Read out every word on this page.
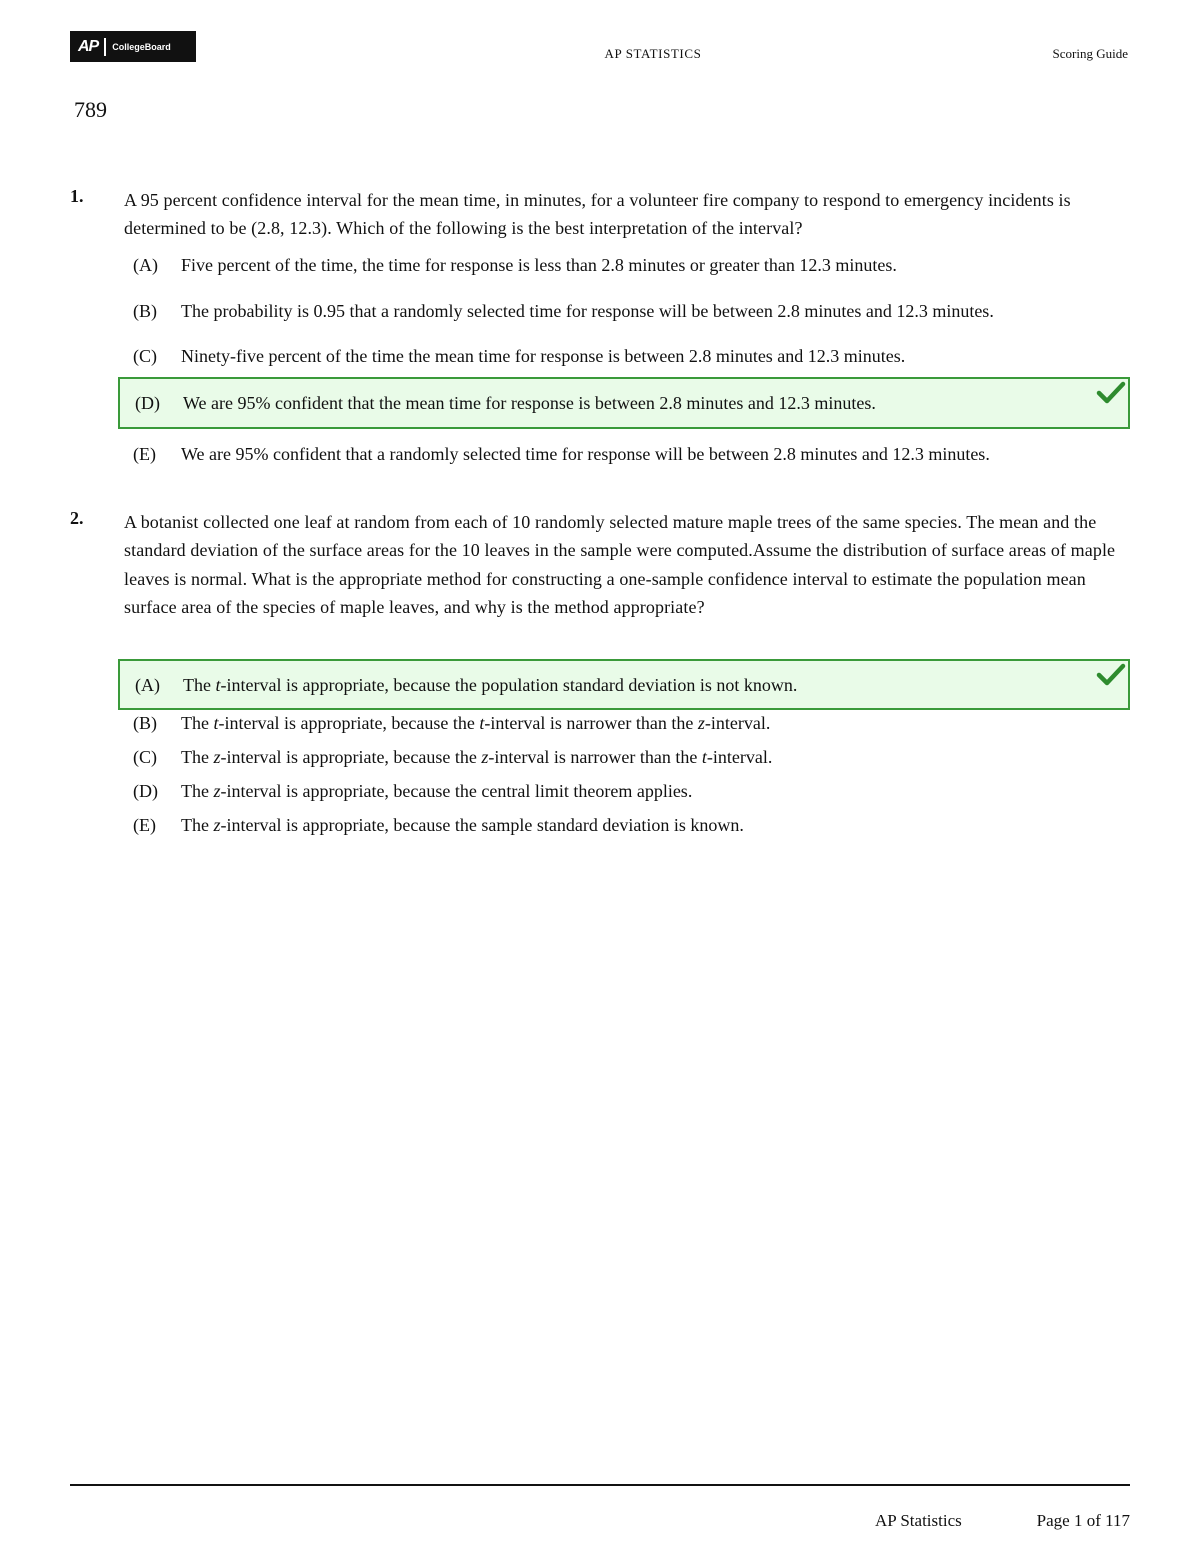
AP	CollegeBoard	AP STATISTICS	Scoring Guide
789
1. A 95 percent confidence interval for the mean time, in minutes, for a volunteer fire company to respond to emergency incidents is determined to be (2.8, 12.3). Which of the following is the best interpretation of the interval?
(A)	Five percent of the time, the time for response is less than 2.8 minutes or greater than 12.3 minutes.
(B)	The probability is 0.95 that a randomly selected time for response will be between 2.8 minutes and 12.3 minutes.
(C)	Ninety-five percent of the time the mean time for response is between 2.8 minutes and 12.3 minutes.
(D)	We are 95% confident that the mean time for response is between 2.8 minutes and 12.3 minutes.
(E)	We are 95% confident that a randomly selected time for response will be between 2.8 minutes and 12.3 minutes.
2. A botanist collected one leaf at random from each of 10 randomly selected mature maple trees of the same species. The mean and the standard deviation of the surface areas for the 10 leaves in the sample were computed.Assume the distribution of surface areas of maple leaves is normal. What is the appropriate method for constructing a one-sample confidence interval to estimate the population mean surface area of the species of maple leaves, and why is the method appropriate?
(A)	The t-interval is appropriate, because the population standard deviation is not known.
(B)	The t-interval is appropriate, because the t-interval is narrower than the z-interval.
(C)	The z-interval is appropriate, because the z-interval is narrower than the t-interval.
(D)	The z-interval is appropriate, because the central limit theorem applies.
(E)	The z-interval is appropriate, because the sample standard deviation is known.
AP Statistics	Page 1 of 117
